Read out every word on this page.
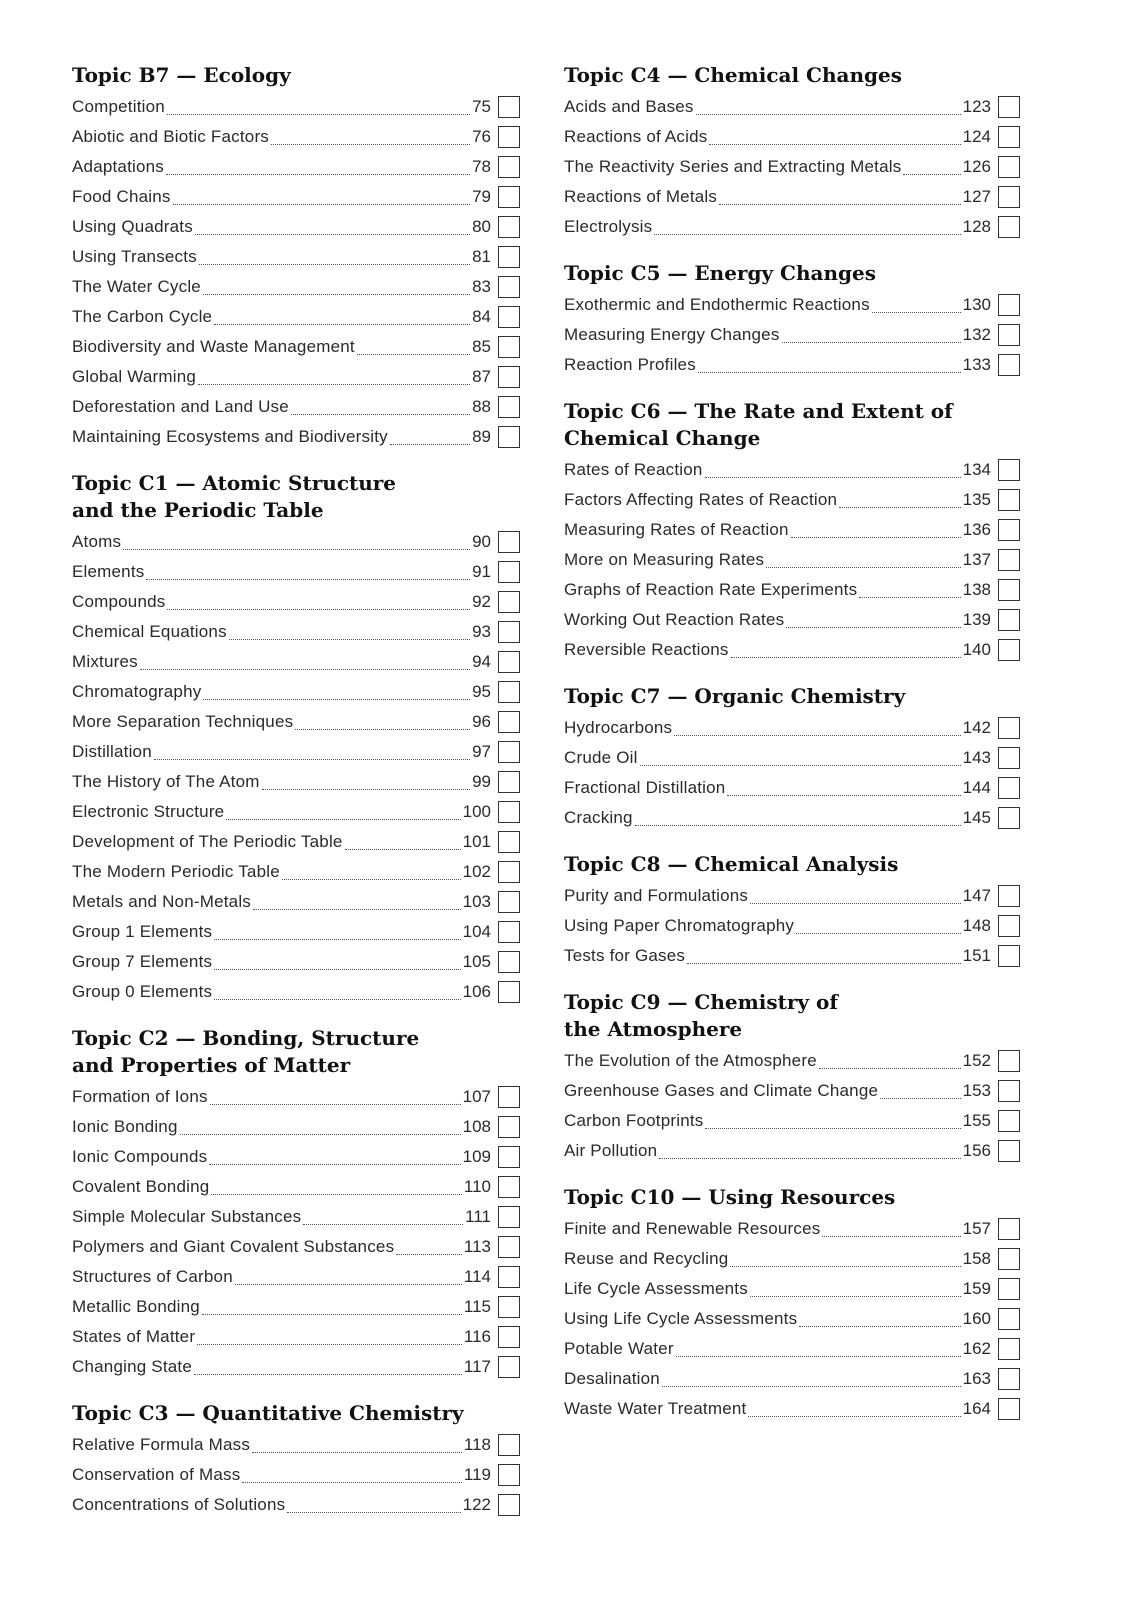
Topic B7 — Ecology
Competition	75
Abiotic and Biotic Factors	76
Adaptations	78
Food Chains	79
Using Quadrats	80
Using Transects	81
The Water Cycle	83
The Carbon Cycle	84
Biodiversity and Waste Management	85
Global Warming	87
Deforestation and Land Use	88
Maintaining Ecosystems and Biodiversity	89
Topic C1 — Atomic Structure
and the Periodic Table
Atoms	90
Elements	91
Compounds	92
Chemical Equations	93
Mixtures	94
Chromatography	95
More Separation Techniques	96
Distillation	97
The History of The Atom	99
Electronic Structure	100
Development of The Periodic Table	101
The Modern Periodic Table	102
Metals and Non-Metals	103
Group 1 Elements	104
Group 7 Elements	105
Group 0 Elements	106
Topic C2 — Bonding, Structure
and Properties of Matter
Formation of Ions	107
Ionic Bonding	108
Ionic Compounds	109
Covalent Bonding	110
Simple Molecular Substances	111
Polymers and Giant Covalent Substances	113
Structures of Carbon	114
Metallic Bonding	115
States of Matter	116
Changing State	117
Topic C3 — Quantitative Chemistry
Relative Formula Mass	118
Conservation of Mass	119
Concentrations of Solutions	122
Topic C4 — Chemical Changes
Acids and Bases	123
Reactions of Acids	124
The Reactivity Series and Extracting Metals	126
Reactions of Metals	127
Electrolysis	128
Topic C5 — Energy Changes
Exothermic and Endothermic Reactions	130
Measuring Energy Changes	132
Reaction Profiles	133
Topic C6 — The Rate and Extent of
Chemical Change
Rates of Reaction	134
Factors Affecting Rates of Reaction	135
Measuring Rates of Reaction	136
More on Measuring Rates	137
Graphs of Reaction Rate Experiments	138
Working Out Reaction Rates	139
Reversible Reactions	140
Topic C7 — Organic Chemistry
Hydrocarbons	142
Crude Oil	143
Fractional Distillation	144
Cracking	145
Topic C8 — Chemical Analysis
Purity and Formulations	147
Using Paper Chromatography	148
Tests for Gases	151
Topic C9 — Chemistry of
the Atmosphere
The Evolution of the Atmosphere	152
Greenhouse Gases and Climate Change	153
Carbon Footprints	155
Air Pollution	156
Topic C10 — Using Resources
Finite and Renewable Resources	157
Reuse and Recycling	158
Life Cycle Assessments	159
Using Life Cycle Assessments	160
Potable Water	162
Desalination	163
Waste Water Treatment	164
